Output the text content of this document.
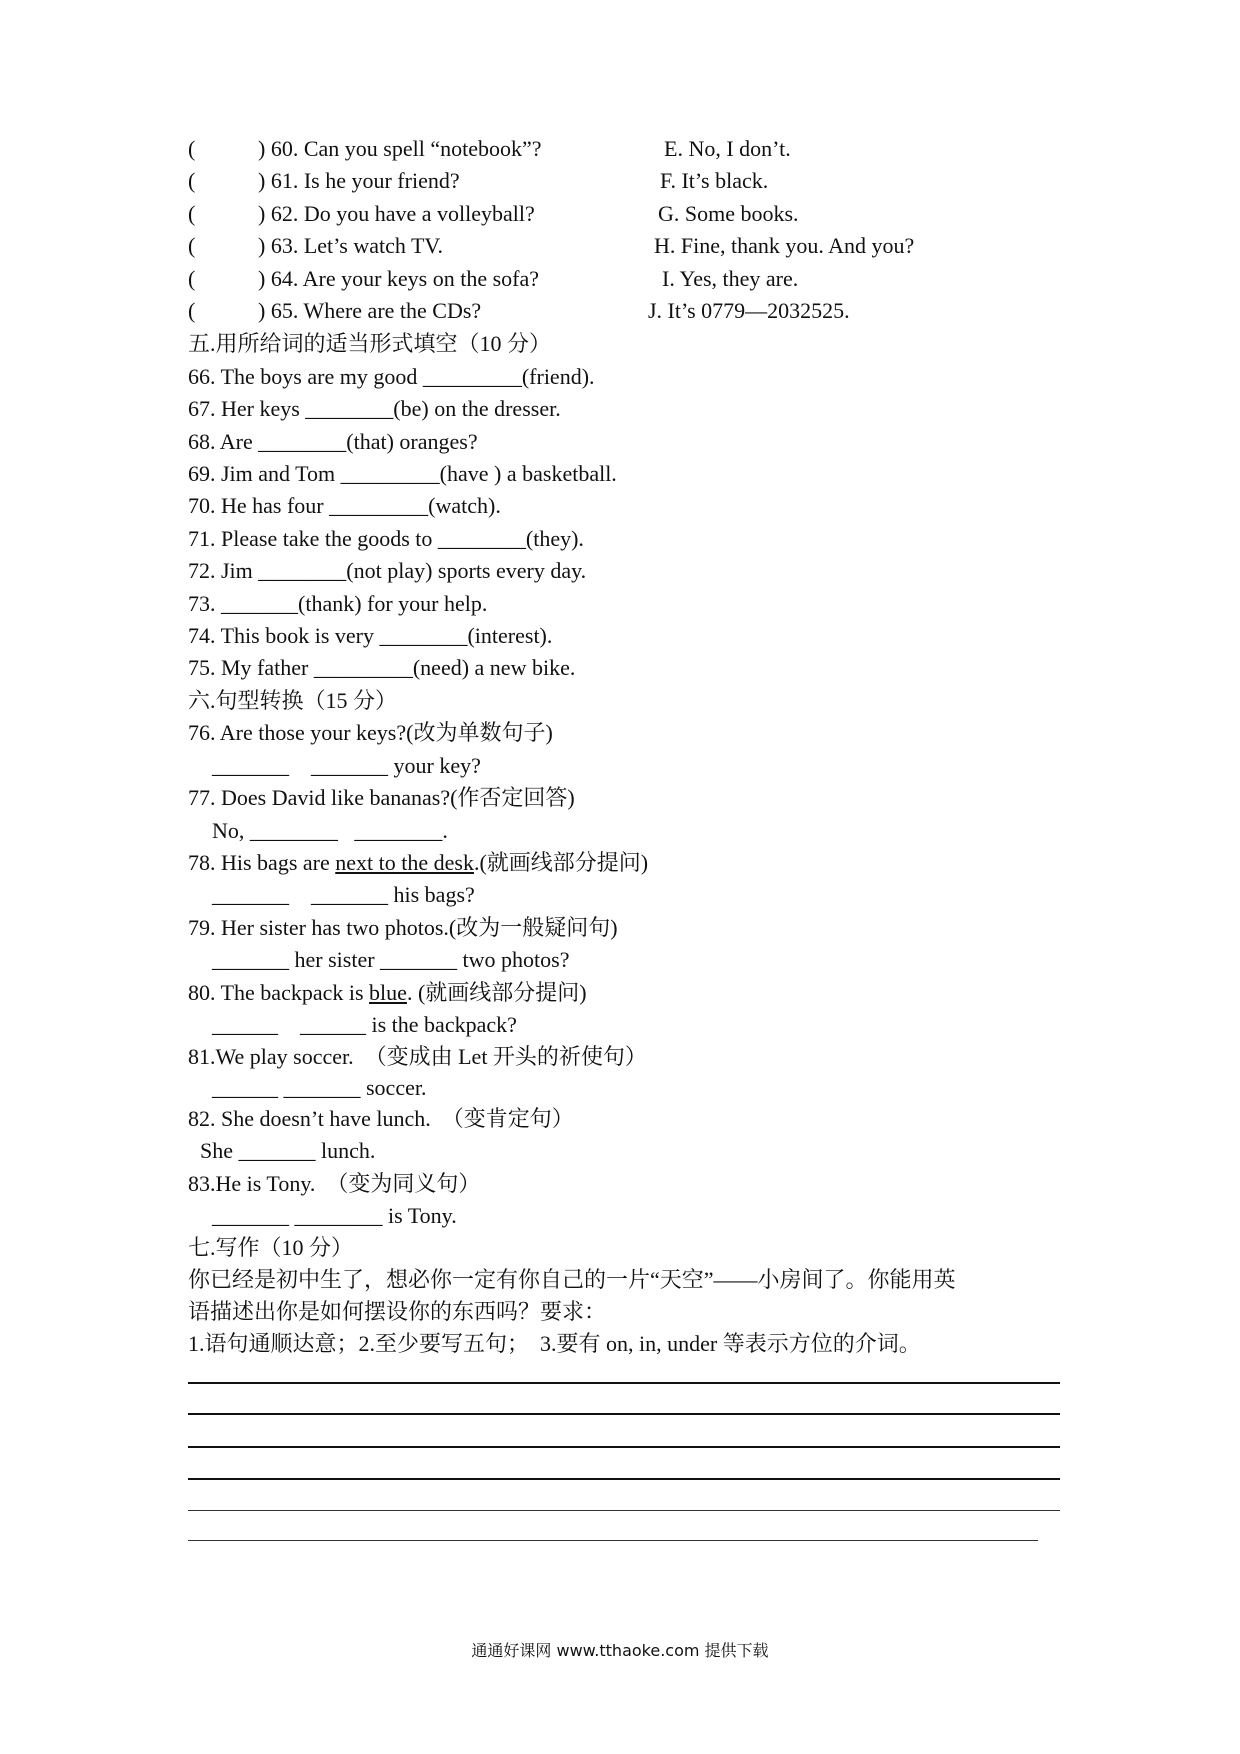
(	) 60. Can you spell “notebook”?	E. No, I don’t.
(	) 61. Is he your friend?	F. It’s black.
(	) 62. Do you have a volleyball?	G. Some books.
(	) 63. Let’s watch TV.	H. Fine, thank you. And you?
(	) 64. Are your keys on the sofa?	I. Yes, they are.
(	) 65. Where are the CDs?	J. It’s 0779—2032525.
五.用所给词的适当形式填空（10 分）
66. The boys are my good _________(friend).
67. Her keys ________(be) on the dresser.
68. Are ________(that) oranges?
69. Jim and Tom _________(have ) a basketball.
70. He has four _________(watch).
71. Please take the goods to ________(they).
72. Jim ________(not play) sports every day.
73. _______(thank) for your help.
74. This book is very ________(interest).
75. My father _________(need) a new bike.
六.句型转换（15 分）
76. Are those your keys?(改为单数句子)
_______    _______ your key?
77. Does David like bananas?(作否定回答)
No, ________   ________.
78. His bags are next to the desk.(就画线部分提问)
_______    _______ his bags?
79. Her sister has two photos.(改为一般疑问句)
_______ her sister _______ two photos?
80. The backpack is blue. (就画线部分提问)
______    ______ is the backpack?
81.We play soccer.  （变成由 Let 开头的祈使句）
______ _______ soccer.
82. She doesn’t have lunch.  （变肯定句）
She _______ lunch.
83.He is Tony.  （变为同义句）
_______ ________ is Tony.
七.写作（10 分）
你已经是初中生了，想必你一定有你自己的一片“天空”——小房间了。你能用英
语描述出你是如何摆设你的东西吗？要求：
1.语句通顺达意；2.至少要写五句；  3.要有 on, in, under 等表示方位的介词。
通通好课网 www.tthaoke.com 提供下载
